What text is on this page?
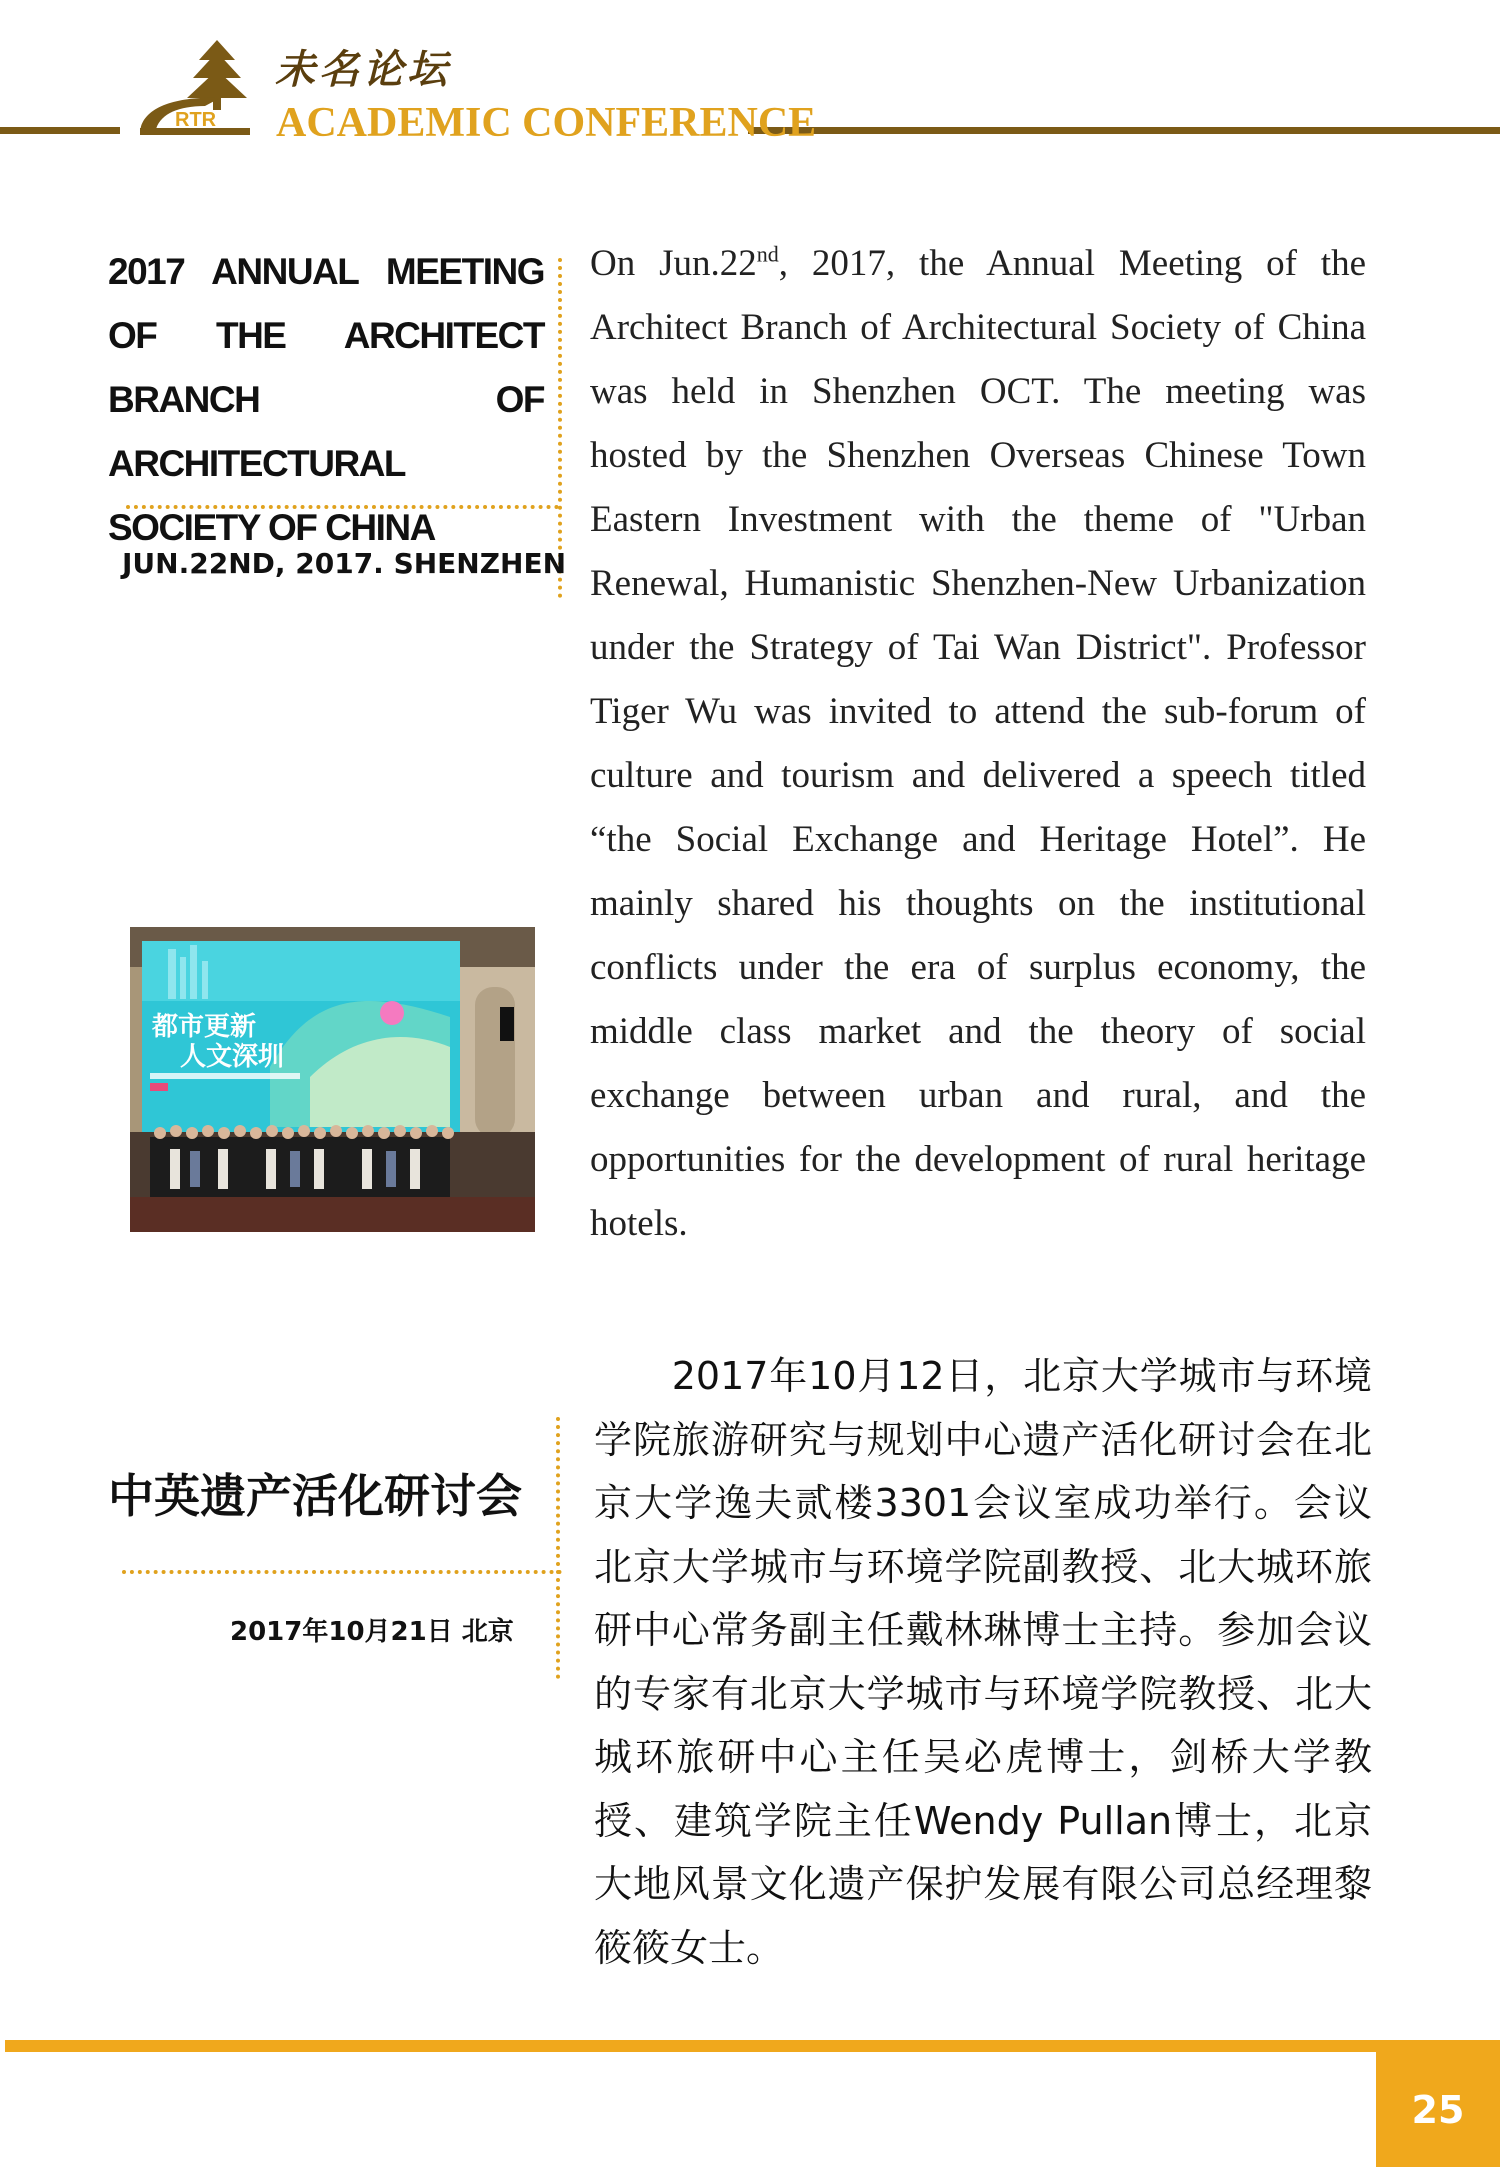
RTR
未名论坛
ACADEMIC CONFERENCE
2017 ANNUAL MEETING OF THE ARCHITECT BRANCH OF ARCHITECTURAL SOCIETY OF CHINA
JUN.22ND, 2017. SHENZHEN

On Jun.22nd, 2017, the Annual Meeting of the Architect Branch of Architectural Society of China was held in Shenzhen OCT. The meeting was hosted by the Shenzhen Overseas Chinese Town Eastern Investment with the theme of "Urban Renewal, Humanistic Shenzhen-New Urbanization under the Strategy of Tai Wan District". Professor Tiger Wu was invited to attend the sub-forum of culture and tourism and delivered a speech titled “the Social Exchange and Heritage Hotel”. He mainly shared his thoughts on the institutional conflicts under the era of surplus economy, the middle class market and the theory of social exchange between urban and rural, and the opportunities for the development of rural heritage hotels.

都市更新
人文深圳

　　2017年10月12日，北京大学城市与环境学院旅游研究与规划中心遗产活化研讨会在北京大学逸夫贰楼3301会议室成功举行。会议北京大学城市与环境学院副教授、北大城环旅研中心常务副主任戴林琳博士主持。参加会议的专家有北京大学城市与环境学院教授、北大城环旅研中心主任吴必虎博士，剑桥大学教授、建筑学院主任Wendy Pullan博士，北京大地风景文化遗产保护发展有限公司总经理黎筱筱女士。

中英遗产活化研讨会
2017年10月21日 北京
25
